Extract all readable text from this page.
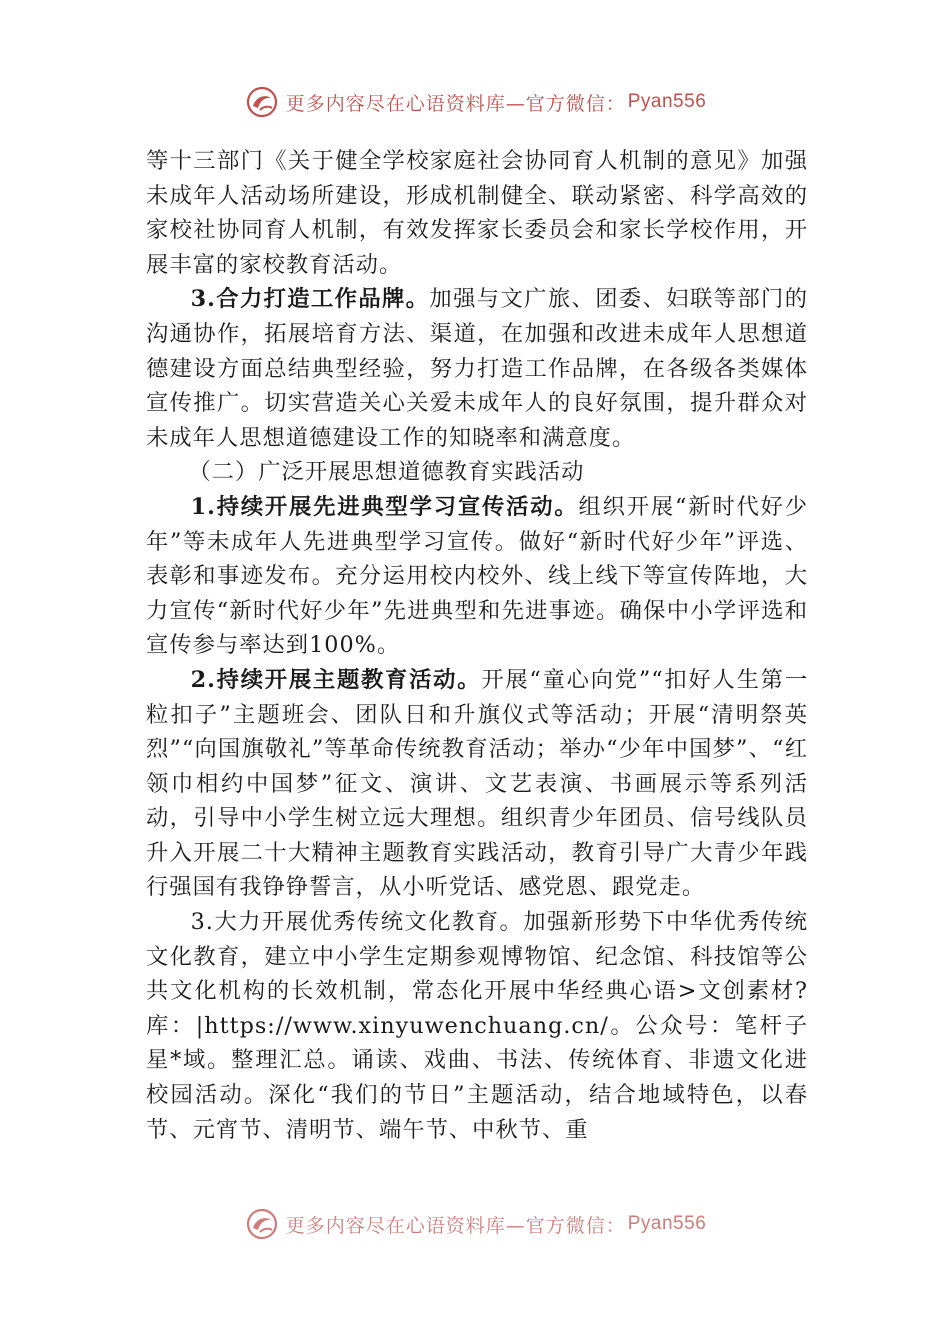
更多内容尽在心语资料库—官方微信： Pyan556

等十三部门《关于健全学校家庭社会协同育人机制的意见》加强未成年人活动场所建设，形成机制健全、联动紧密、科学高效的家校社协同育人机制，有效发挥家长委员会和家长学校作用，开展丰富的家校教育活动。

3.合力打造工作品牌。加强与文广旅、团委、妇联等部门的沟通协作，拓展培育方法、渠道，在加强和改进未成年人思想道德建设方面总结典型经验，努力打造工作品牌，在各级各类媒体宣传推广。切实营造关心关爱未成年人的良好氛围，提升群众对未成年人思想道德建设工作的知晓率和满意度。

（二）广泛开展思想道德教育实践活动

1.持续开展先进典型学习宣传活动。组织开展“新时代好少年”等未成年人先进典型学习宣传。做好“新时代好少年”评选、表彰和事迹发布。充分运用校内校外、线上线下等宣传阵地，大力宣传“新时代好少年”先进典型和先进事迹。确保中小学评选和宣传参与率达到100%。

2.持续开展主题教育活动。开展“童心向党”“扣好人生第一粒扣子”主题班会、团队日和升旗仪式等活动；开展“清明祭英烈”“向国旗敬礼”等革命传统教育活动；举办“少年中国梦”、“红领巾相约中国梦”征文、演讲、文艺表演、书画展示等系列活动，引导中小学生树立远大理想。组织青少年团员、信号线队员升入开展二十大精神主题教育实践活动，教育引导广大青少年践行强国有我铮铮誓言，从小听党话、感党恩、跟党走。

3.大力开展优秀传统文化教育。加强新形势下中华优秀传统文化教育，建立中小学生定期参观博物馆、纪念馆、科技馆等公共文化机构的长效机制，常态化开展中华经典心语>文创素材?库：|https://www.xinyuwenchuang.cn/。公众号：笔杆子星*域。整理汇总。诵读、戏曲、书法、传统体育、非遗文化进校园活动。深化“我们的节日”主题活动，结合地域特色，以春节、元宵节、清明节、端午节、中秋节、重

更多内容尽在心语资料库—官方微信： Pyan556
